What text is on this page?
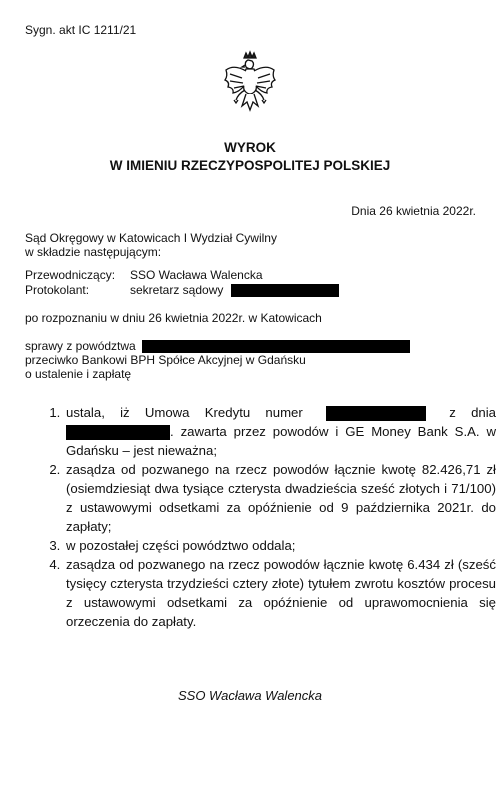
Sygn. akt IC 1211/21
WYROK
W IMIENIU RZECZYPOSPOLITEJ POLSKIEJ
Dnia 26 kwietnia 2022r.
Sąd Okręgowy w Katowicach I Wydział Cywilny
w składzie następującym:
Przewodniczący: SSO Wacława Walencka
Protokolant:	sekretarz sądowy
po rozpoznaniu w dniu 26 kwietnia 2022r. w Katowicach
sprawy z powództwa
przeciwko Bankowi BPH Spółce Akcyjnej w Gdańsku
o ustalenie i zapłatę
1. ustala, iż Umowa Kredytu numer	z dnia . zawarta przez powodów i GE Money Bank S.A. w Gdańsku – jest nieważna;
2. zasądza od pozwanego na rzecz powodów łącznie kwotę 82.426,71 zł (osiemdziesiąt dwa tysiące czterysta dwadzieścia sześć złotych i 71/100) z ustawowymi odsetkami za opóźnienie od 9 października 2021r. do zapłaty;
3. w pozostałej części powództwo oddala;
4. zasądza od pozwanego na rzecz powodów łącznie kwotę 6.434 zł (sześć tysięcy czterysta trzydzieści cztery złote) tytułem zwrotu kosztów procesu z ustawowymi odsetkami za opóźnienie od uprawomocnienia się orzeczenia do zapłaty.
SSO Wacława Walencka
